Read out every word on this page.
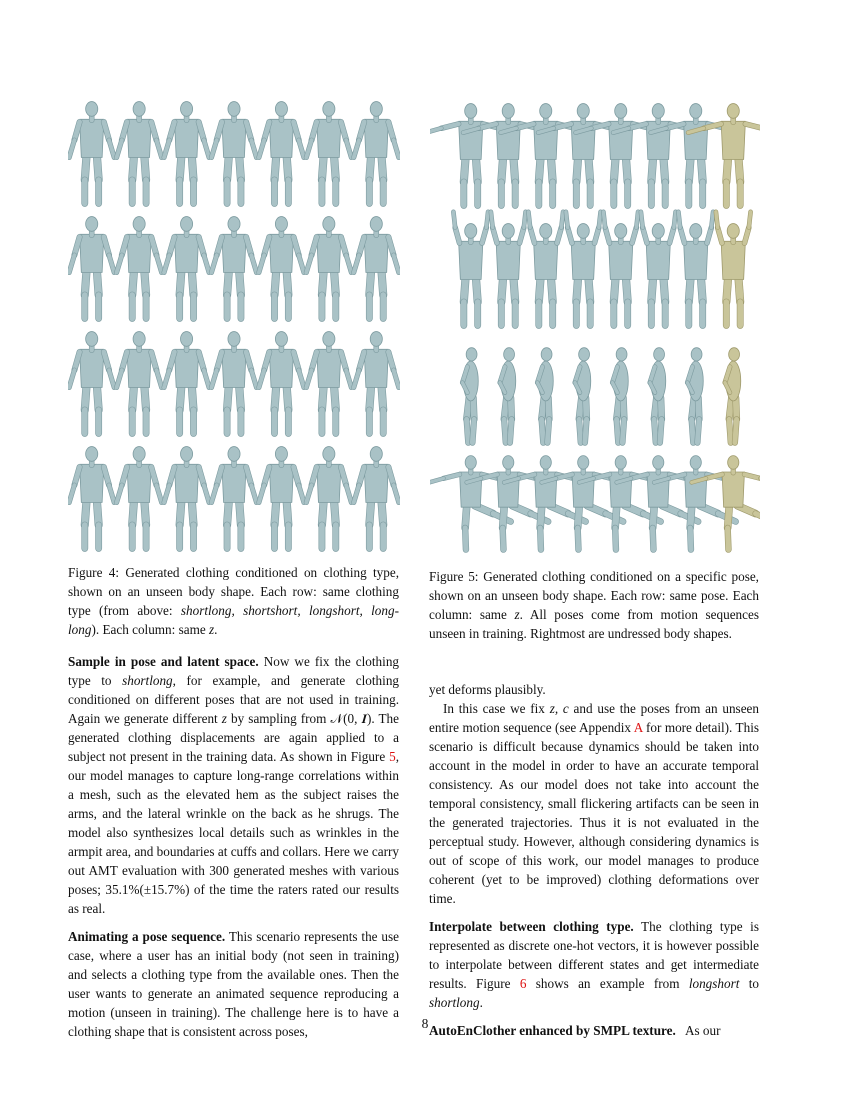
Figure 4: Generated clothing conditioned on clothing type, shown on an unseen body shape. Each row: same clothing type (from above: shortlong, shortshort, longshort, long-long). Each column: same z.
Figure 5: Generated clothing conditioned on a specific pose, shown on an unseen body shape. Each row: same pose. Each column: same z. All poses come from motion sequences unseen in training. Rightmost are undressed body shapes.

Sample in pose and latent space. Now we fix the clothing type to shortlong, for example, and generate clothing conditioned on different poses that are not used in training. Again we generate different z by sampling from 𝒩(0, 𝑰). The generated clothing displacements are again applied to a subject not present in the training data. As shown in Figure 5, our model manages to capture long-range correlations within a mesh, such as the elevated hem as the subject raises the arms, and the lateral wrinkle on the back as he shrugs. The model also synthesizes local details such as wrinkles in the armpit area, and boundaries at cuffs and collars. Here we carry out AMT evaluation with 300 generated meshes with various poses; 35.1%(±15.7%) of the time the raters rated our results as real.

Animating a pose sequence. This scenario represents the use case, where a user has an initial body (not seen in training) and selects a clothing type from the available ones. Then the user wants to generate an animated sequence reproducing a motion (unseen in training). The challenge here is to have a clothing shape that is consistent across poses,

yet deforms plausibly.

In this case we fix z, c and use the poses from an unseen entire motion sequence (see Appendix A for more detail). This scenario is difficult because dynamics should be taken into account in the model in order to have an accurate temporal consistency. As our model does not take into account the temporal consistency, small flickering artifacts can be seen in the generated trajectories. Thus it is not evaluated in the perceptual study. However, although considering dynamics is out of scope of this work, our model manages to produce coherent (yet to be improved) clothing deformations over time.

Interpolate between clothing type. The clothing type is represented as discrete one-hot vectors, it is however possible to interpolate between different states and get intermediate results. Figure 6 shows an example from longshort to shortlong.

AutoEnClother enhanced by SMPL texture.   As our

8
